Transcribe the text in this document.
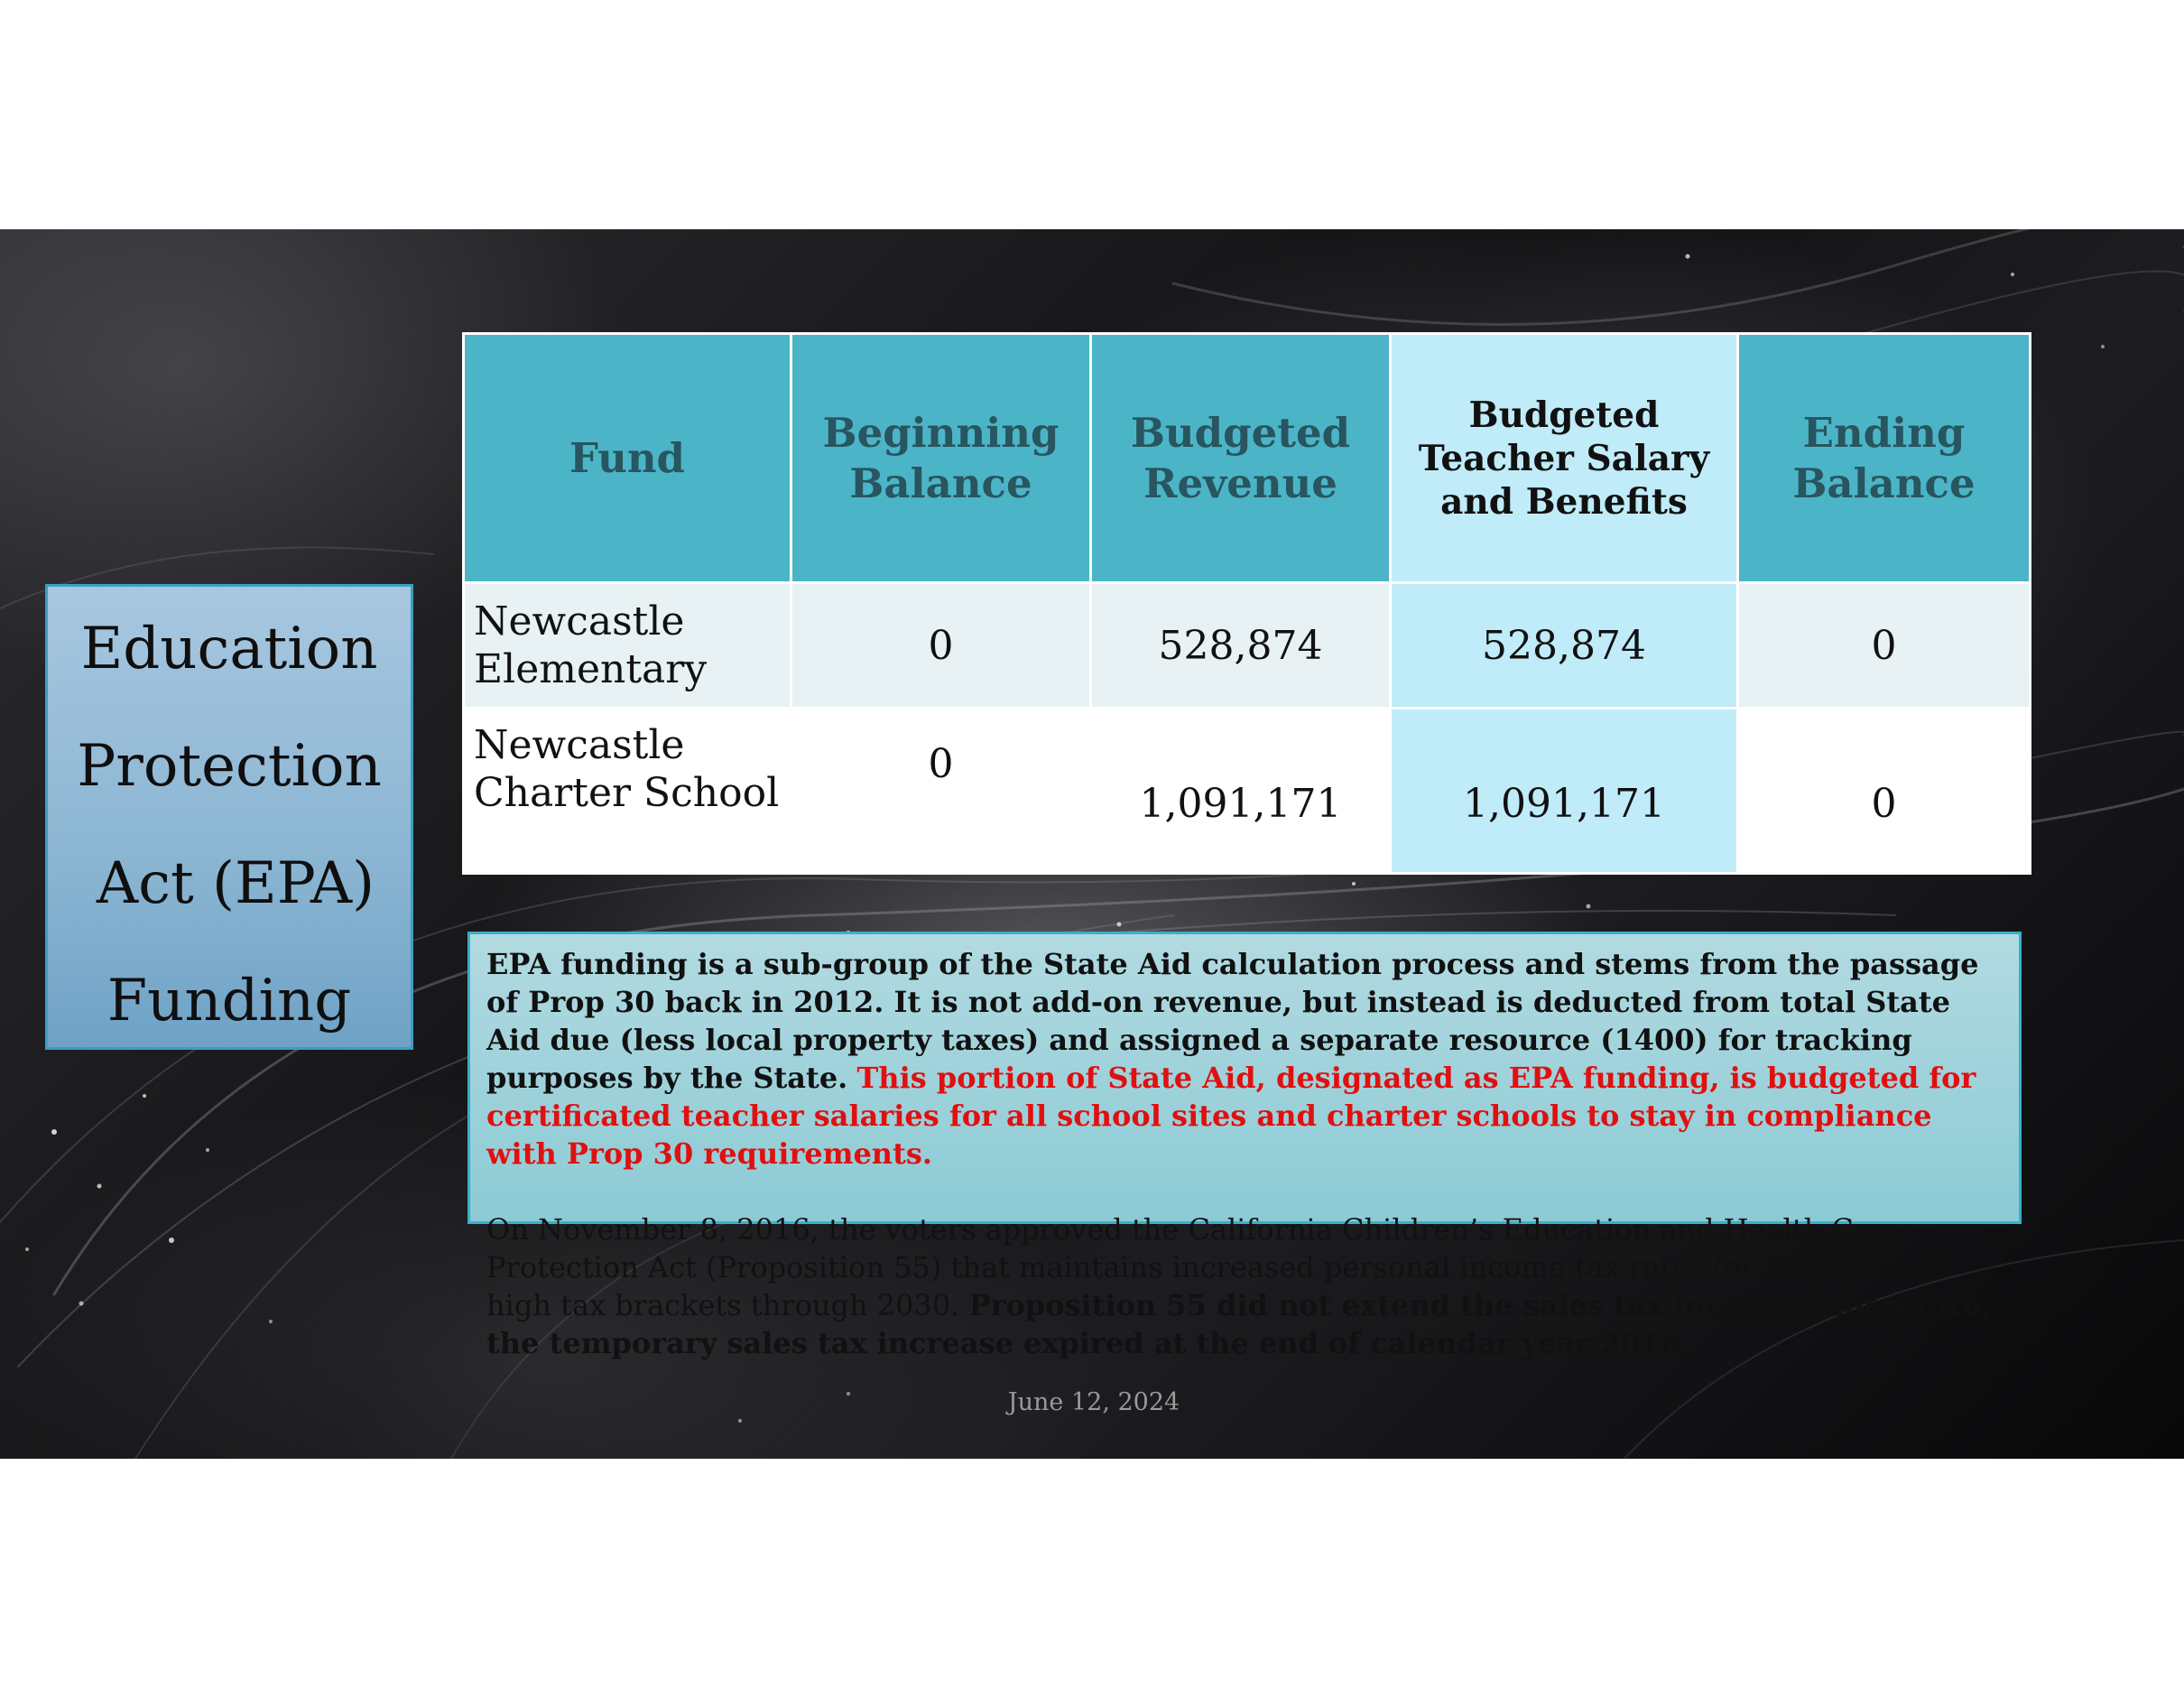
Education
Protection
Act (EPA)
Funding
Fund	Beginning Balance	Budgeted Revenue	Budgeted Teacher Salary and Benefits	Ending Balance
Newcastle Elementary	0	528,874	528,874	0

Newcastle Charter School	0	1,091,171	1,091,171	0

EPA funding is a sub-group of the State Aid calculation process and stems from the passage of Prop 30 back in 2012. It is not add-on revenue, but instead is deducted from total State Aid due (less local property taxes) and assigned a separate resource (1400) for tracking purposes by the State. This portion of State Aid, designated as EPA funding, is budgeted for certificated teacher salaries for all school sites and charter schools to stay in compliance with Prop 30 requirements.

On November 8, 2016, the voters approved the California Children’s Education and Health Care Protection Act (Proposition 55) that maintains increased personal income tax rates for taxpayers in high tax brackets through 2030. Proposition 55 did not extend the sales tax increase; therefore, the temporary sales tax increase expired at the end of calendar year 2016.

June 12, 2024
